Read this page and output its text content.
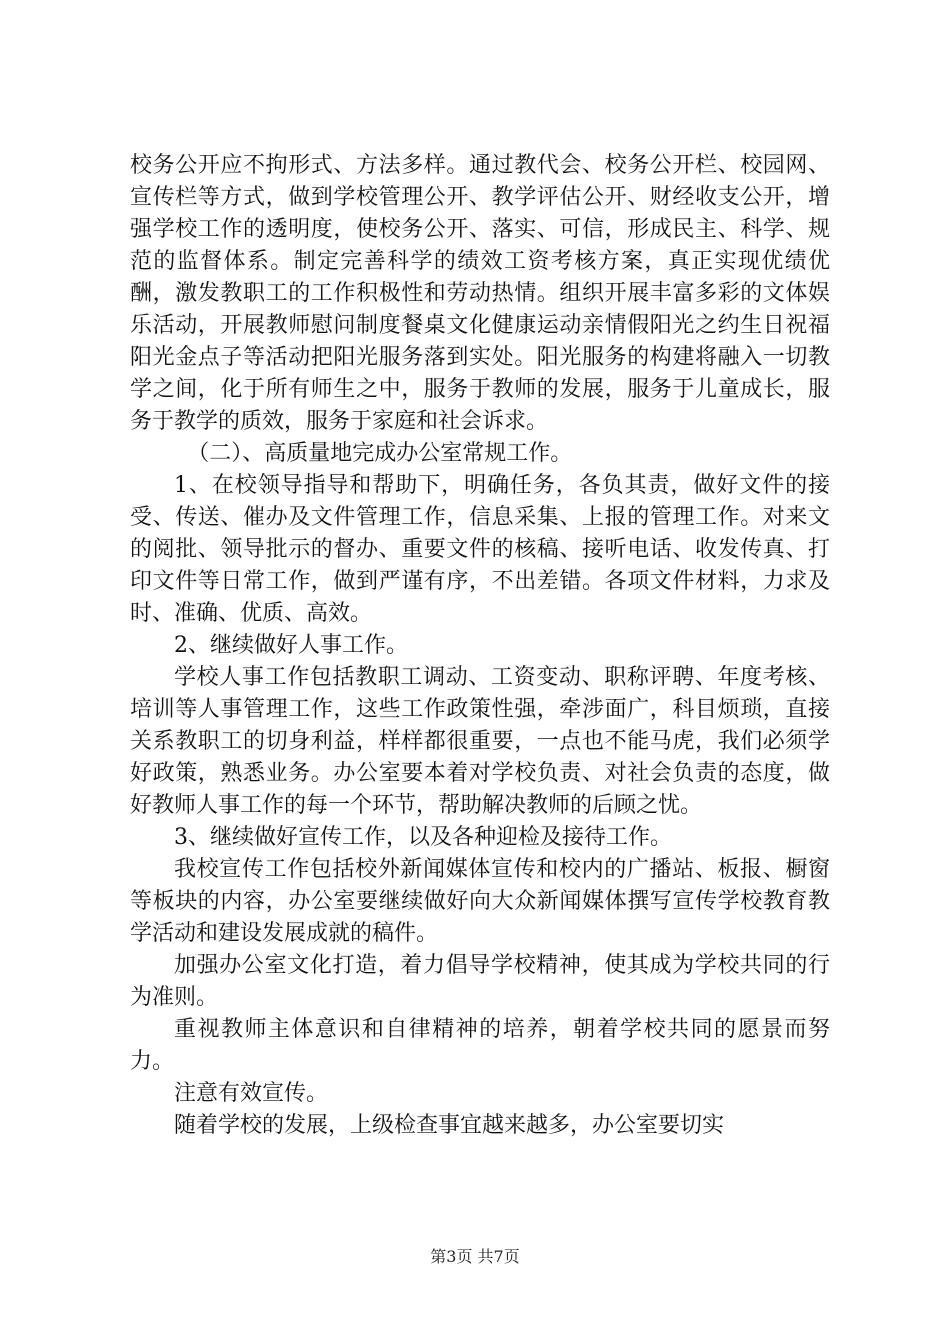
校务公开应不拘形式、方法多样。通过教代会、校务公开栏、校园网、宣传栏等方式，做到学校管理公开、教学评估公开、财经收支公开，增强学校工作的透明度，使校务公开、落实、可信，形成民主、科学、规范的监督体系。制定完善科学的绩效工资考核方案，真正实现优绩优酬，激发教职工的工作积极性和劳动热情。组织开展丰富多彩的文体娱乐活动，开展教师慰问制度餐桌文化健康运动亲情假阳光之约生日祝福阳光金点子等活动把阳光服务落到实处。阳光服务的构建将融入一切教学之间，化于所有师生之中，服务于教师的发展，服务于儿童成长，服务于教学的质效，服务于家庭和社会诉求。

（二）、高质量地完成办公室常规工作。

1、在校领导指导和帮助下，明确任务，各负其责，做好文件的接受、传送、催办及文件管理工作，信息采集、上报的管理工作。对来文的阅批、领导批示的督办、重要文件的核稿、接听电话、收发传真、打印文件等日常工作，做到严谨有序，不出差错。各项文件材料，力求及时、准确、优质、高效。

2、继续做好人事工作。

学校人事工作包括教职工调动、工资变动、职称评聘、年度考核、培训等人事管理工作，这些工作政策性强，牵涉面广，科目烦琐，直接关系教职工的切身利益，样样都很重要，一点也不能马虎，我们必须学好政策，熟悉业务。办公室要本着对学校负责、对社会负责的态度，做好教师人事工作的每一个环节，帮助解决教师的后顾之忧。

3、继续做好宣传工作，以及各种迎检及接待工作。

我校宣传工作包括校外新闻媒体宣传和校内的广播站、板报、橱窗等板块的内容，办公室要继续做好向大众新闻媒体撰写宣传学校教育教学活动和建设发展成就的稿件。

加强办公室文化打造，着力倡导学校精神，使其成为学校共同的行为准则。

重视教师主体意识和自律精神的培养，朝着学校共同的愿景而努力。

注意有效宣传。

随着学校的发展，上级检查事宜越来越多，办公室要切实

第3页 共7页
